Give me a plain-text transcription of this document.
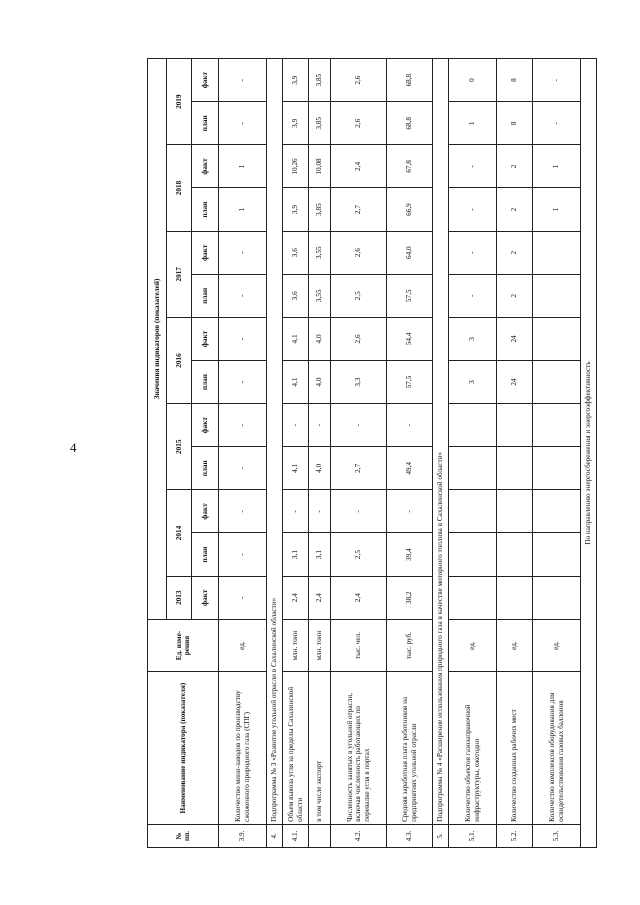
4
№ пп.	Наименование индикатора (показателя)	Ед. изме-рения	Значения индикаторов (показателей)												
			2013	2014		2015		2016		2017		2018		2019	
			факт	план	факт	план	факт	план	факт	план	факт	план	факт	план	факт
3.9.	Количество мини-заводов по производству сжиженного природного газа (СПГ)	ед.	-	-	-	-	-	-	-	-	-	1	1	-	-
4.	Подпрограмма № 3 «Развитие угольной отрасли в Сахалинской области»														
4.1.	Объем вывоза угля за пределы Сахалинской области	млн. тонн	2,4	3,1	-	4,1	-	4,1	4,1	3,6	3,6	3,9	10,26	3,9	3,9
	в том числе экспорт	млн. тонн	2,4	3,1	-	4,0	-	4,0	4,0	3,55	3,55	3,85	10,08	3,85	3,85
4.2.	Численность занятых в угольной отрасли, включая численность работающих по перевалке угля в портах	тыс. чел.	2,4	2,5	-	2,7	-	3,3	2,6	2,5	2,6	2,7	2,4	2,6	2,6
4.3.	Средняя заработная плата работников на предприятиях угольной отрасли	тыс. руб.	38,2	39,4	-	49,4	-	57,5	54,4	57,5	64,0	66,9	67,8	68,8	68,8
5.	Подпрограмма № 4 «Расширение использования природного газа в качестве моторного топлива в Сахалинской области»														
5.1.	Количество объектов газозаправочной инфраструктуры, ежегодно	ед.						3	3	-	-	-	-	1	0
5.2.	Количество созданных рабочих мест	ед.						24	24	2	2	2	2	8	8
5.3.	Количество комплексов оборудования для освидетельствования газовых баллонов	ед.										1	1	-	-
По направлению энергосбережения и энергоэффективность															
